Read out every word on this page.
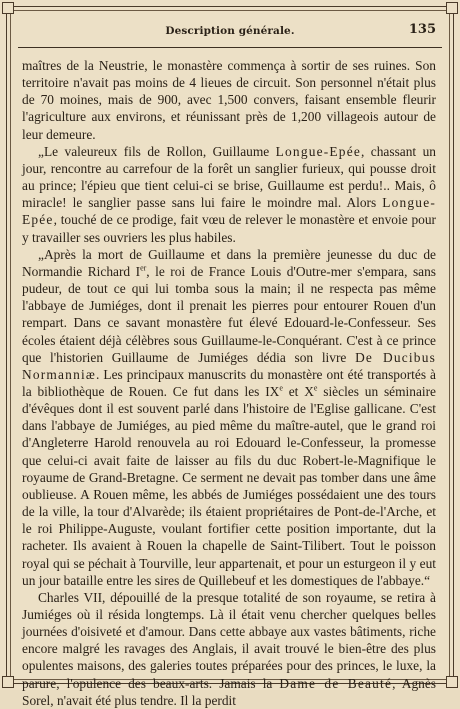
Description générale.	135

maîtres de la Neustrie, le monastère commença à sortir de ses ruines. Son territoire n'avait pas moins de 4 lieues de circuit. Son personnel n'était plus de 70 moines, mais de 900, avec 1,500 convers, faisant ensemble fleurir l'agriculture aux environs, et réunissant près de 1,200 villageois autour de leur demeure.

„Le valeureux fils de Rollon, Guillaume Longue-Epée, chassant un jour, rencontre au carrefour de la forêt un sanglier furieux, qui pousse droit au prince; l'épieu que tient celui-ci se brise, Guillaume est perdu!.. Mais, ô miracle! le sanglier passe sans lui faire le moindre mal. Alors Longue-Epée, touché de ce prodige, fait vœu de relever le monastère et envoie pour y travailler ses ouvriers les plus habiles.

„Après la mort de Guillaume et dans la première jeunesse du duc de Normandie Richard Ier, le roi de France Louis d'Outre-mer s'empara, sans pudeur, de tout ce qui lui tomba sous la main; il ne respecta pas même l'abbaye de Jumiéges, dont il prenait les pierres pour entourer Rouen d'un rempart. Dans ce savant monastère fut élevé Edouard-le-Confesseur. Ses écoles étaient déjà célèbres sous Guillaume-le-Conquérant. C'est à ce prince que l'historien Guillaume de Jumiéges dédia son livre De Ducibus Normanniæ. Les principaux manuscrits du monastère ont été transportés à la bibliothèque de Rouen. Ce fut dans les IXe et Xe siècles un séminaire d'évêques dont il est souvent parlé dans l'histoire de l'Eglise gallicane. C'est dans l'abbaye de Jumiéges, au pied même du maître-autel, que le grand roi d'Angleterre Harold renouvela au roi Edouard le-Confesseur, la promesse que celui-ci avait faite de laisser au fils du duc Robert-le-Magnifique le royaume de Grand-Bretagne. Ce serment ne devait pas tomber dans une âme oublieuse. A Rouen même, les abbés de Jumiéges possédaient une des tours de la ville, la tour d'Alvarède; ils étaient propriétaires de Pont-de-l'Arche, et le roi Philippe-Auguste, voulant fortifier cette position importante, dut la racheter. Ils avaient à Rouen la chapelle de Saint-Tilibert. Tout le poisson royal qui se péchait à Tourville, leur appartenait, et pour un esturgeon il y eut un jour bataille entre les sires de Quillebeuf et les domestiques de l'abbaye.“

Charles VII, dépouillé de la presque totalité de son royaume, se retira à Jumiéges où il résida longtemps. Là il était venu chercher quelques belles journées d'oisiveté et d'amour. Dans cette abbaye aux vastes bâtiments, riche encore malgré les ravages des Anglais, il avait trouvé le bien-être des plus opulentes maisons, des galeries toutes préparées pour des princes, le luxe, la parure, l'opulence des beaux-arts. Jamais la Dame de Beauté, Agnès Sorel, n'avait été plus tendre. Il la perdit
